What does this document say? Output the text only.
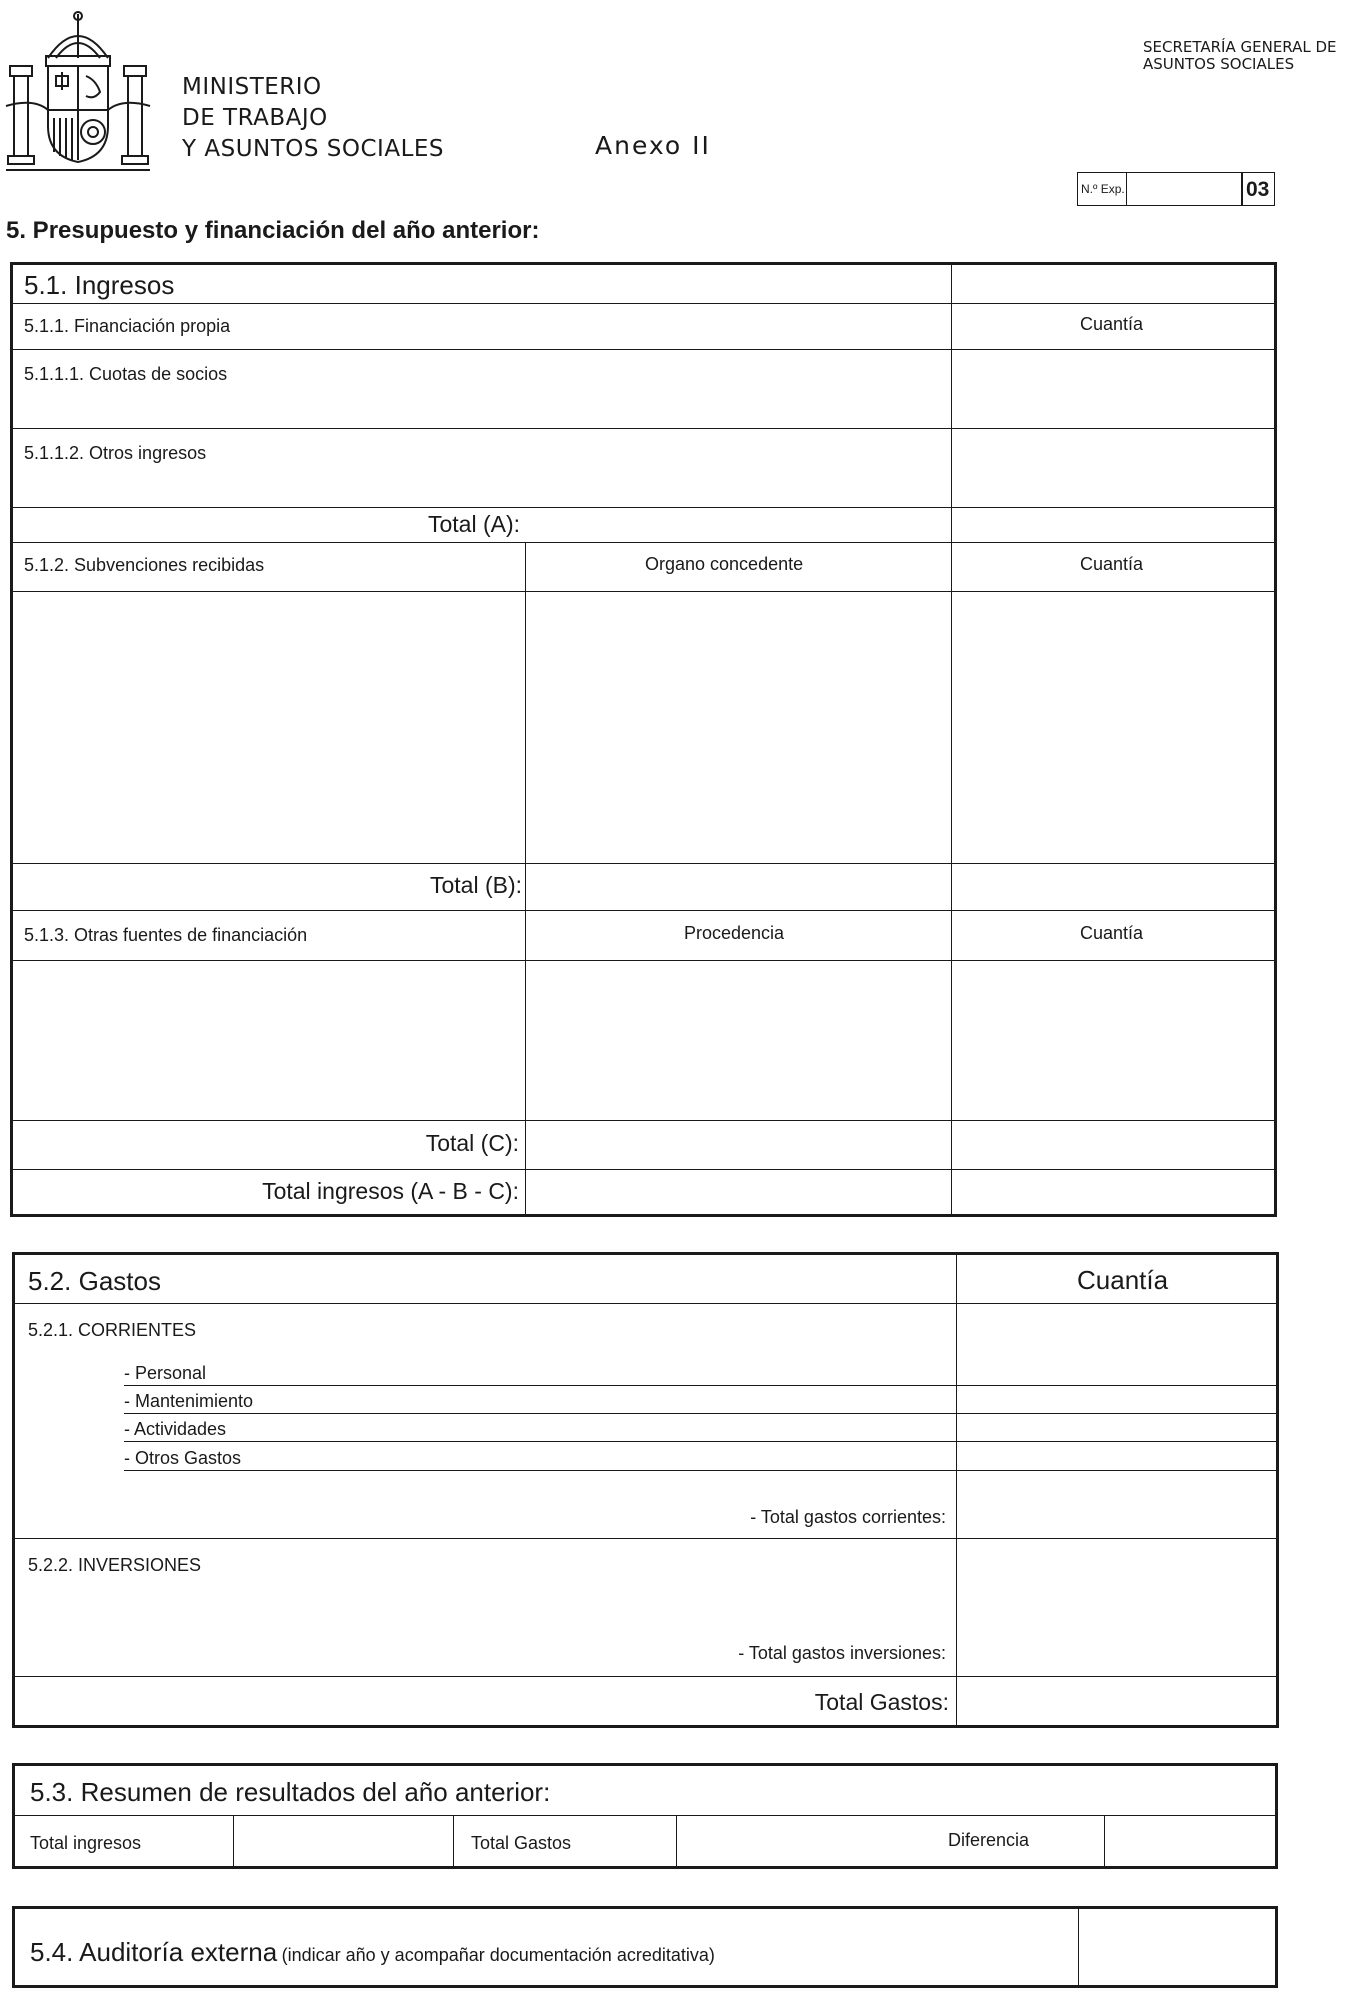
MINISTERIO
DE TRABAJO
Y ASUNTOS SOCIALES	Anexo II
SECRETARÍA GENERAL DE
ASUNTOS SOCIALES
N.º Exp.	03
5. Presupuesto y financiación del año anterior:
5.1. Ingresos
5.1.1. Financiación propia	Cuantía
5.1.1.1. Cuotas de socios
5.1.1.2. Otros ingresos
Total (A):
5.1.2. Subvenciones recibidas	Organo concedente	Cuantía
Total (B):
5.1.3. Otras fuentes de financiación	Procedencia	Cuantía
Total (C):
Total ingresos (A - B - C):
5.2. Gastos	Cuantía
5.2.1. CORRIENTES
- Personal
- Mantenimiento
- Actividades
- Otros Gastos
- Total gastos corrientes:
5.2.2. INVERSIONES
- Total gastos inversiones:
Total Gastos:
5.3. Resumen de resultados del año anterior:
Total ingresos	Total Gastos	Diferencia
5.4. Auditoría externa (indicar año y acompañar documentación acreditativa)
